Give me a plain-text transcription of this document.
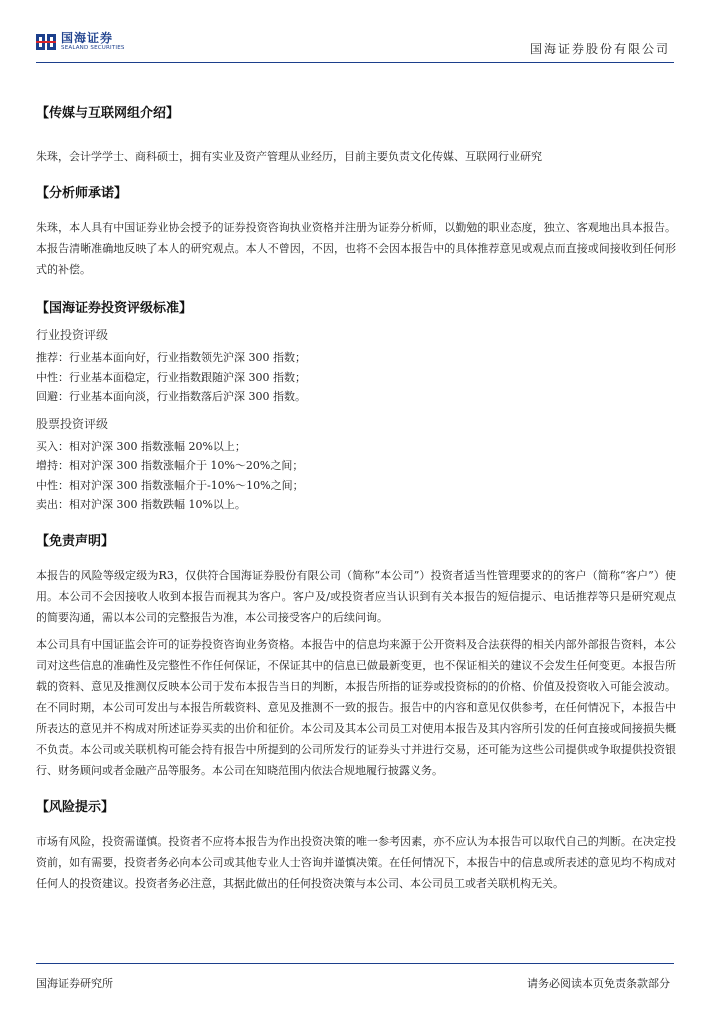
国海证券
SEALAND SECURITIES	国海证券股份有限公司

【传媒与互联网组介绍】

朱珠，会计学学士、商科硕士，拥有实业及资产管理从业经历，目前主要负责文化传媒、互联网行业研究

【分析师承诺】

朱珠，本人具有中国证券业协会授予的证券投资咨询执业资格并注册为证券分析师，以勤勉的职业态度，独立、客观地出具本报告。本报告清晰准确地反映了本人的研究观点。本人不曾因，不因，也将不会因本报告中的具体推荐意见或观点而直接或间接收到任何形式的补偿。

【国海证券投资评级标准】

行业投资评级

推荐：行业基本面向好，行业指数领先沪深 300 指数；

中性：行业基本面稳定，行业指数跟随沪深 300 指数；

回避：行业基本面向淡，行业指数落后沪深 300 指数。

股票投资评级

买入：相对沪深 300 指数涨幅 20%以上；

增持：相对沪深 300 指数涨幅介于 10%～20%之间；

中性：相对沪深 300 指数涨幅介于-10%～10%之间；

卖出：相对沪深 300 指数跌幅 10%以上。

【免责声明】

本报告的风险等级定级为R3，仅供符合国海证券股份有限公司（简称“本公司”）投资者适当性管理要求的的客户（简称“客户”）使用。本公司不会因接收人收到本报告而视其为客户。客户及/或投资者应当认识到有关本报告的短信提示、电话推荐等只是研究观点的简要沟通，需以本公司的完整报告为准，本公司接受客户的后续问询。

本公司具有中国证监会许可的证券投资咨询业务资格。本报告中的信息均来源于公开资料及合法获得的相关内部外部报告资料，本公司对这些信息的准确性及完整性不作任何保证，不保证其中的信息已做最新变更，也不保证相关的建议不会发生任何变更。本报告所载的资料、意见及推测仅反映本公司于发布本报告当日的判断，本报告所指的证券或投资标的的价格、价值及投资收入可能会波动。在不同时期，本公司可发出与本报告所载资料、意见及推测不一致的报告。报告中的内容和意见仅供参考，在任何情况下，本报告中所表达的意见并不构成对所述证券买卖的出价和征价。本公司及其本公司员工对使用本报告及其内容所引发的任何直接或间接损失概不负责。本公司或关联机构可能会持有报告中所提到的公司所发行的证券头寸并进行交易，还可能为这些公司提供或争取提供投资银行、财务顾问或者金融产品等服务。本公司在知晓范围内依法合规地履行披露义务。

【风险提示】

市场有风险，投资需谨慎。投资者不应将本报告为作出投资决策的唯一参考因素，亦不应认为本报告可以取代自己的判断。在决定投资前，如有需要，投资者务必向本公司或其他专业人士咨询并谨慎决策。在任何情况下，本报告中的信息或所表述的意见均不构成对任何人的投资建议。投资者务必注意，其据此做出的任何投资决策与本公司、本公司员工或者关联机构无关。

国海证券研究所	请务必阅读本页免责条款部分
